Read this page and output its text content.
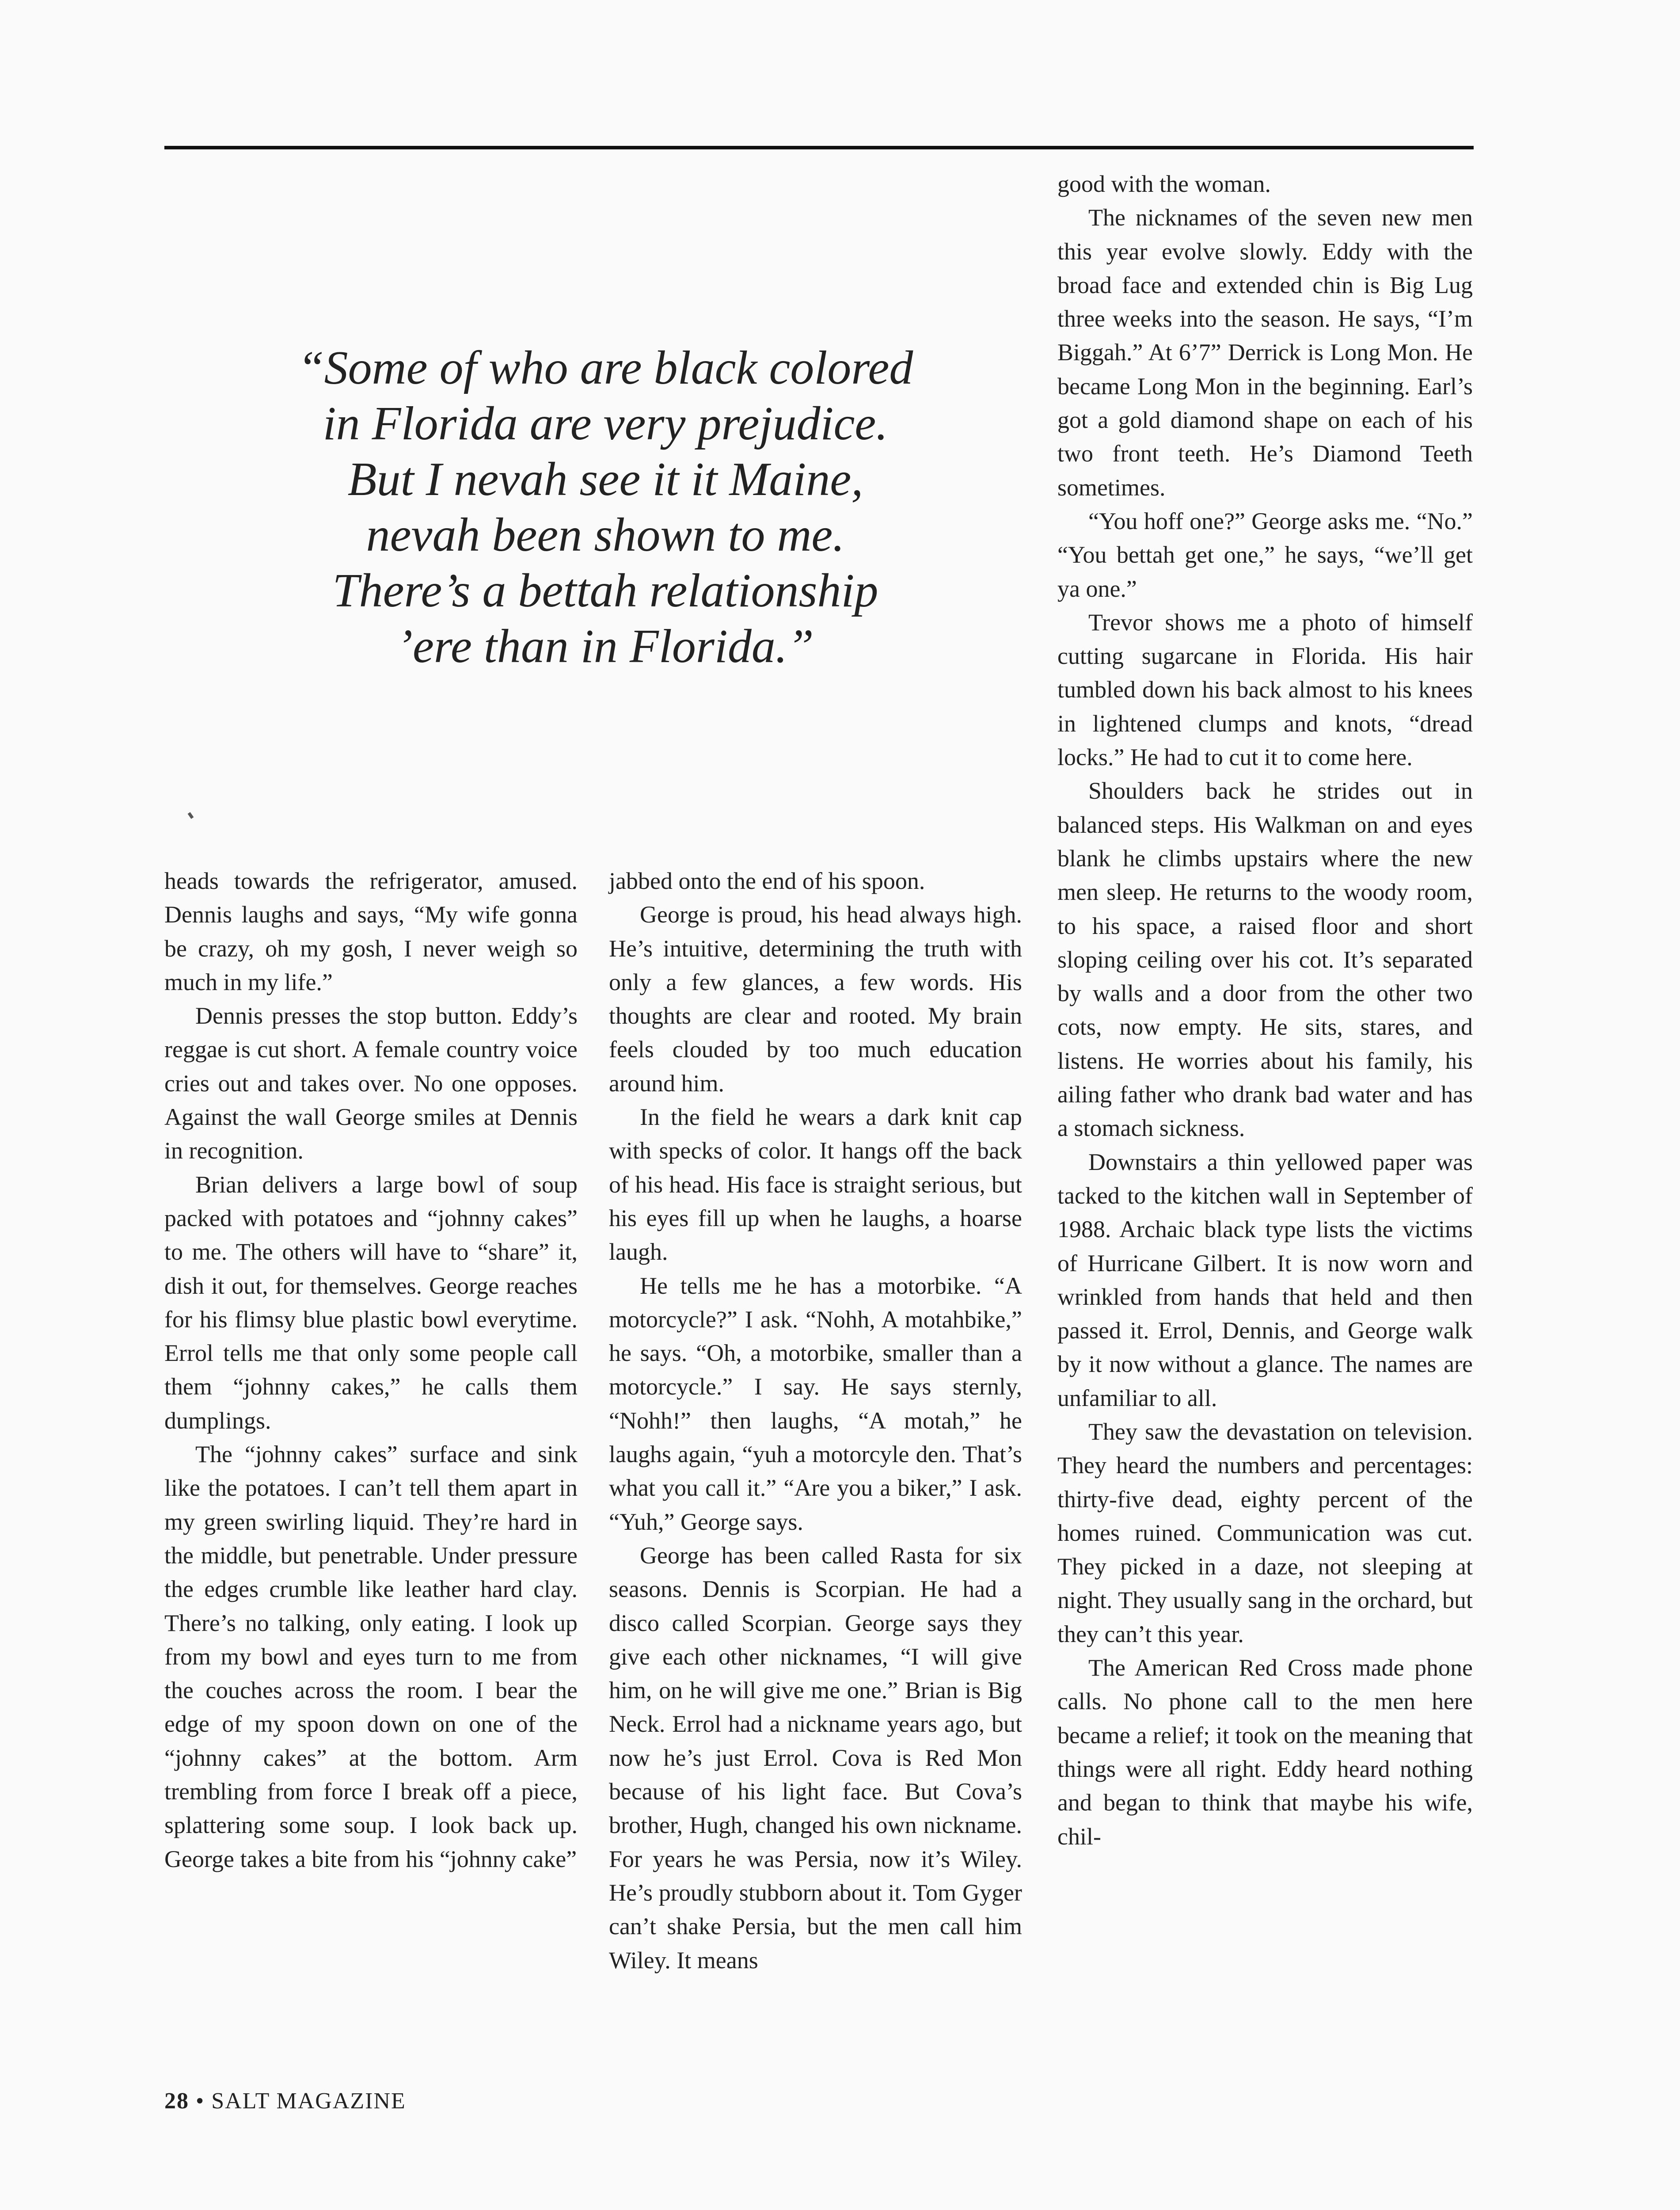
“Some of who are black colored

in Florida are very prejudice.

But I nevah see it it Maine,

nevah been shown to me.

There’s a bettah relationship

’ere than in Florida.”

heads towards the refrigerator, amused. Dennis laughs and says, “My wife gonna be crazy, oh my gosh, I never weigh so much in my life.”

Dennis presses the stop button. Eddy’s reggae is cut short. A female country voice cries out and takes over. No one opposes. Against the wall George smiles at Dennis in recognition.

Brian delivers a large bowl of soup packed with potatoes and “johnny cakes” to me. The others will have to “share” it, dish it out, for themselves. George reaches for his flimsy blue plastic bowl everytime. Errol tells me that only some people call them “johnny cakes,” he calls them dumplings.

The “johnny cakes” surface and sink like the potatoes. I can’t tell them apart in my green swirling liquid. They’re hard in the middle, but penetrable. Under pressure the edges crumble like leather hard clay. There’s no talking, only eating. I look up from my bowl and eyes turn to me from the couches across the room. I bear the edge of my spoon down on one of the “johnny cakes” at the bottom. Arm trembling from force I break off a piece, splattering some soup. I look back up. George takes a bite from his “johnny cake”

jabbed onto the end of his spoon.

George is proud, his head always high. He’s intuitive, determining the truth with only a few glances, a few words. His thoughts are clear and rooted. My brain feels clouded by too much education around him.

In the field he wears a dark knit cap with specks of color. It hangs off the back of his head. His face is straight serious, but his eyes fill up when he laughs, a hoarse laugh.

He tells me he has a motorbike. “A motorcycle?” I ask. “Nohh, A motahbike,” he says. “Oh, a motorbike, smaller than a motorcycle.” I say. He says sternly, “Nohh!” then laughs, “A motah,” he laughs again, “yuh a motorcyle den. That’s what you call it.” “Are you a biker,” I ask. “Yuh,” George says.

George has been called Rasta for six seasons. Dennis is Scorpian. He had a disco called Scorpian. George says they give each other nicknames, “I will give him, on he will give me one.” Brian is Big Neck. Errol had a nickname years ago, but now he’s just Errol. Cova is Red Mon because of his light face. But Cova’s brother, Hugh, changed his own nickname. For years he was Persia, now it’s Wiley. He’s proudly stubborn about it. Tom Gyger can’t shake Persia, but the men call him Wiley. It means

good with the woman.

The nicknames of the seven new men this year evolve slowly. Eddy with the broad face and extended chin is Big Lug three weeks into the season. He says, “I’m Biggah.” At 6’7” Derrick is Long Mon. He became Long Mon in the beginning. Earl’s got a gold diamond shape on each of his two front teeth. He’s Diamond Teeth sometimes.

“You hoff one?” George asks me. “No.” “You bettah get one,” he says, “we’ll get ya one.”

Trevor shows me a photo of himself cutting sugarcane in Florida. His hair tumbled down his back almost to his knees in lightened clumps and knots, “dread locks.” He had to cut it to come here.

Shoulders back he strides out in balanced steps. His Walkman on and eyes blank he climbs upstairs where the new men sleep. He returns to the woody room, to his space, a raised floor and short sloping ceiling over his cot. It’s separated by walls and a door from the other two cots, now empty. He sits, stares, and listens. He worries about his family, his ailing father who drank bad water and has a stomach sickness.

Downstairs a thin yellowed paper was tacked to the kitchen wall in September of 1988. Archaic black type lists the victims of Hurricane Gilbert. It is now worn and wrinkled from hands that held and then passed it. Errol, Dennis, and George walk by it now without a glance. The names are unfamiliar to all.

They saw the devastation on television. They heard the numbers and percentages: thirty-five dead, eighty percent of the homes ruined. Communication was cut. They picked in a daze, not sleeping at night. They usually sang in the orchard, but they can’t this year.

The American Red Cross made phone calls. No phone call to the men here became a relief; it took on the meaning that things were all right. Eddy heard nothing and began to think that maybe his wife, chil-

28 • SALT MAGAZINE
